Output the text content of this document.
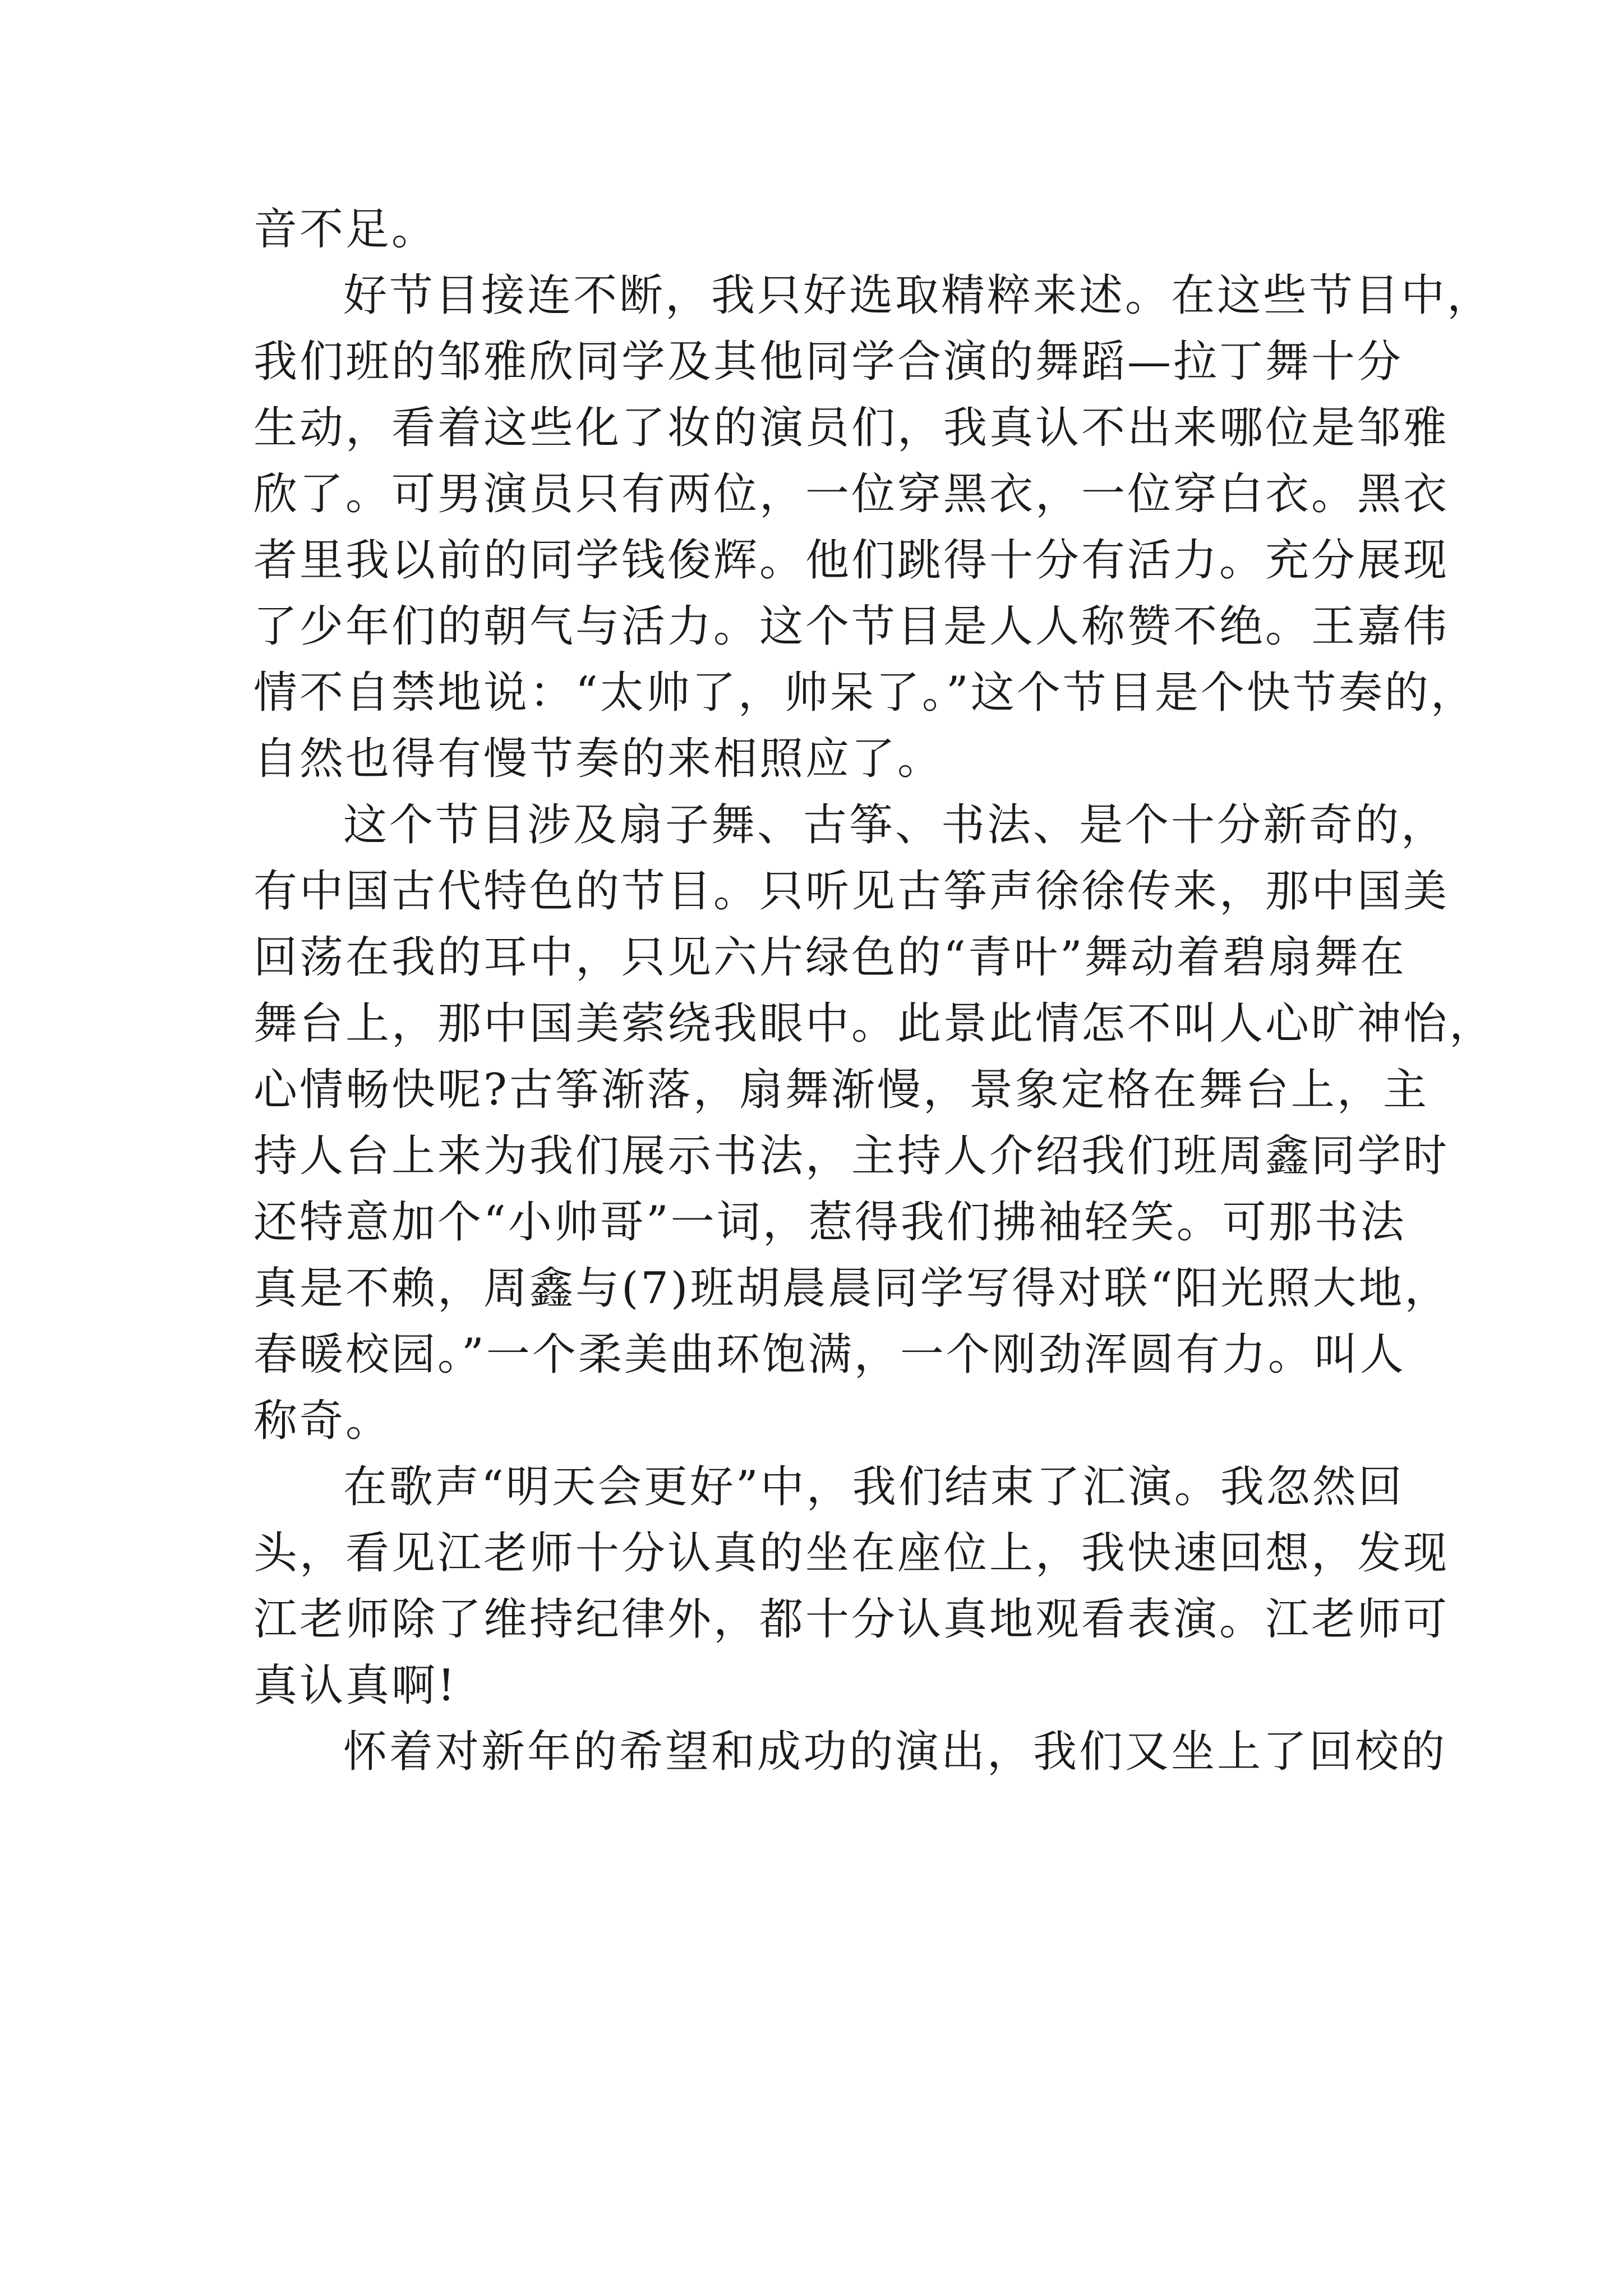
音不足。
好节目接连不断，我只好选取精粹来述。在这些节目中，
我们班的邹雅欣同学及其他同学合演的舞蹈—拉丁舞十分
生动，看着这些化了妆的演员们，我真认不出来哪位是邹雅
欣了。可男演员只有两位，一位穿黑衣，一位穿白衣。黑衣
者里我以前的同学钱俊辉。他们跳得十分有活力。充分展现
了少年们的朝气与活力。这个节目是人人称赞不绝。王嘉伟
情不自禁地说：“太帅了，帅呆了。”这个节目是个快节奏的，
自然也得有慢节奏的来相照应了。
这个节目涉及扇子舞、古筝、书法、是个十分新奇的，
有中国古代特色的节目。只听见古筝声徐徐传来，那中国美
回荡在我的耳中，只见六片绿色的“青叶”舞动着碧扇舞在
舞台上，那中国美萦绕我眼中。此景此情怎不叫人心旷神怡，
心情畅快呢?古筝渐落，扇舞渐慢，景象定格在舞台上，主
持人台上来为我们展示书法，主持人介绍我们班周鑫同学时
还特意加个“小帅哥”一词，惹得我们拂袖轻笑。可那书法
真是不赖，周鑫与(7)班胡晨晨同学写得对联“阳光照大地，
春暖校园。”一个柔美曲环饱满，一个刚劲浑圆有力。叫人
称奇。
在歌声“明天会更好”中，我们结束了汇演。我忽然回
头，看见江老师十分认真的坐在座位上，我快速回想，发现
江老师除了维持纪律外，都十分认真地观看表演。江老师可
真认真啊!
怀着对新年的希望和成功的演出，我们又坐上了回校的
